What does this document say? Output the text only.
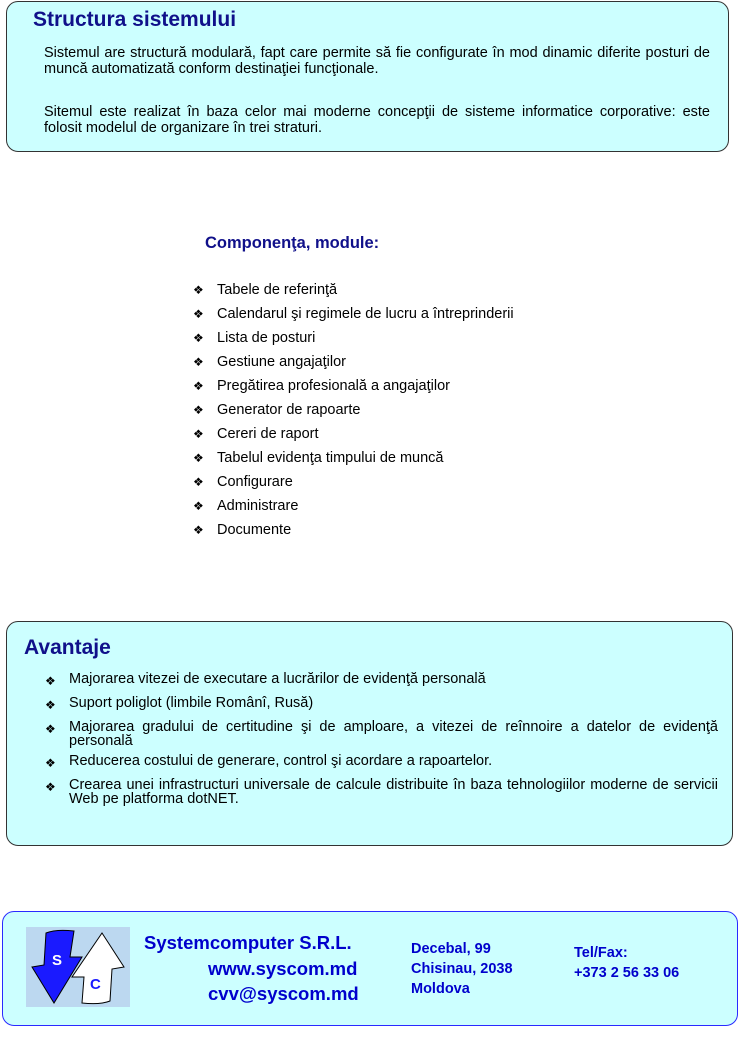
Structura sistemului

Sistemul are structură modulară, fapt care permite să fie configurate în mod dinamic diferite posturi de muncă automatizată conform destinaţiei funcţionale.

Sitemul este realizat în baza celor mai moderne concepţii de sisteme informatice corporative: este folosit modelul de organizare în trei straturi.

Componenţa, module:
❖ Tabele de referinţă
❖ Calendarul şi regimele de lucru a întreprinderii
❖ Lista de posturi
❖ Gestiune angajaţilor
❖ Pregătirea profesională a angajaţilor
❖ Generator de rapoarte
❖ Cereri de raport
❖ Tabelul evidenţa timpului de muncă
❖ Configurare
❖ Administrare
❖ Documente
Avantaje
❖ Majorarea vitezei de executare a lucrărilor de evidenţă personală
❖ Suport poliglot (limbile Românî, Rusă)
❖ Majorarea gradului de certitudine şi de amploare, a vitezei de reînnoire a datelor de evidenţă personală
❖ Reducerea costului de generare, control şi acordare a rapoartelor.
❖ Crearea unei infrastructuri universale de calcule distribuite în baza tehnologiilor moderne de servicii Web pe platforma dotNET.
S
C
Systemcomputer S.R.L.
www.syscom.md
cvv@syscom.md
Decebal, 99
Chisinau, 2038
Moldova
Tel/Fax:
+373 2 56 33 06
